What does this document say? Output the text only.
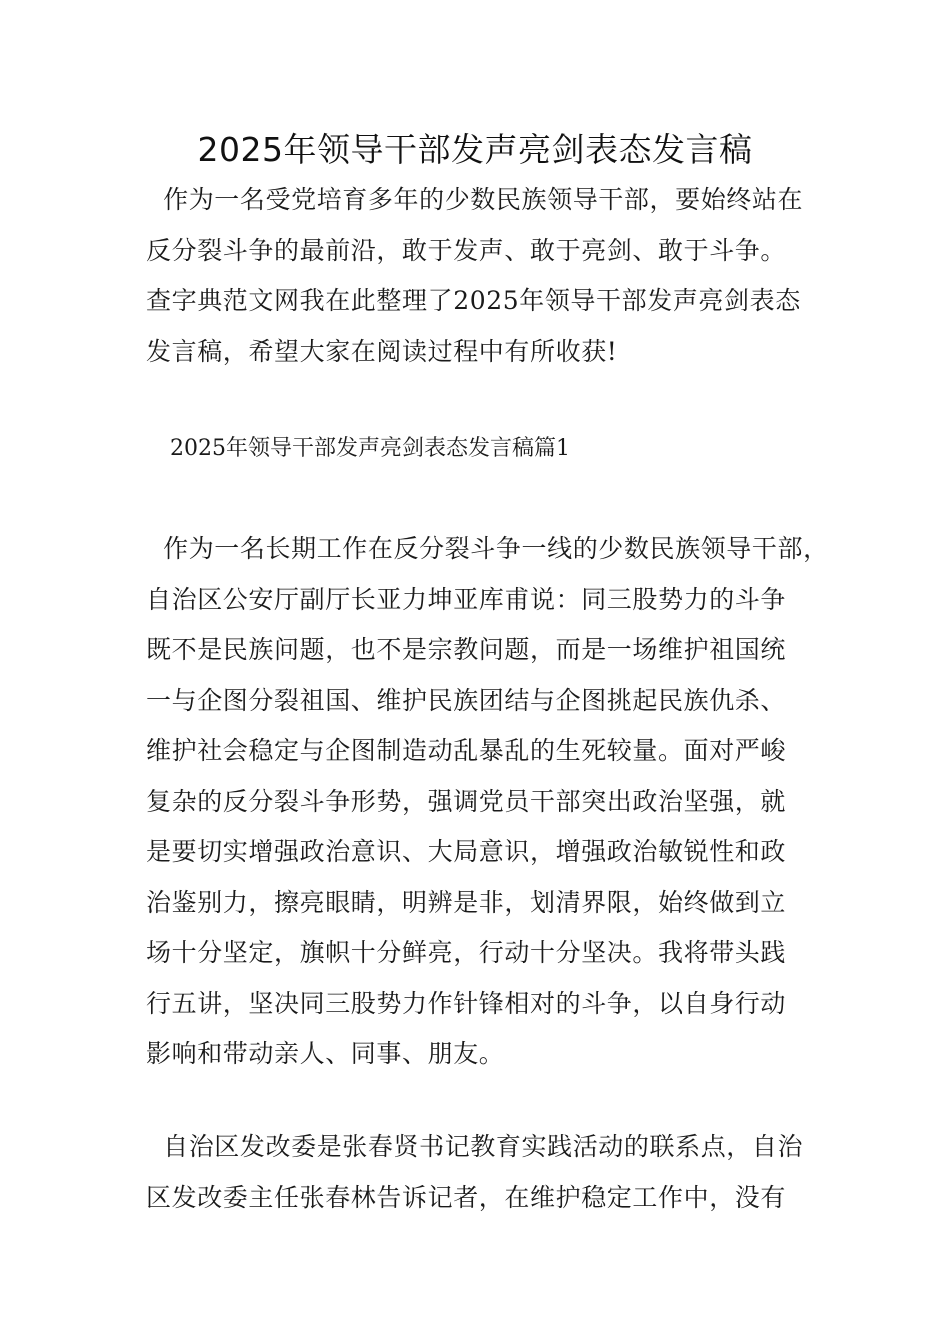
2025年领导干部发声亮剑表态发言稿
作为一名受党培育多年的少数民族领导干部，要始终站在
反分裂斗争的最前沿，敢于发声、敢于亮剑、敢于斗争。
查字典范文网我在此整理了2025年领导干部发声亮剑表态
发言稿，希望大家在阅读过程中有所收获!
2025年领导干部发声亮剑表态发言稿篇1
作为一名长期工作在反分裂斗争一线的少数民族领导干部，
自治区公安厅副厅长亚力坤亚库甫说：同三股势力的斗争
既不是民族问题，也不是宗教问题，而是一场维护祖国统
一与企图分裂祖国、维护民族团结与企图挑起民族仇杀、
维护社会稳定与企图制造动乱暴乱的生死较量。面对严峻
复杂的反分裂斗争形势，强调党员干部突出政治坚强，就
是要切实增强政治意识、大局意识，增强政治敏锐性和政
治鉴别力，擦亮眼睛，明辨是非，划清界限，始终做到立
场十分坚定，旗帜十分鲜亮，行动十分坚决。我将带头践
行五讲，坚决同三股势力作针锋相对的斗争，以自身行动
影响和带动亲人、同事、朋友。
自治区发改委是张春贤书记教育实践活动的联系点，自治
区发改委主任张春林告诉记者，在维护稳定工作中，没有
